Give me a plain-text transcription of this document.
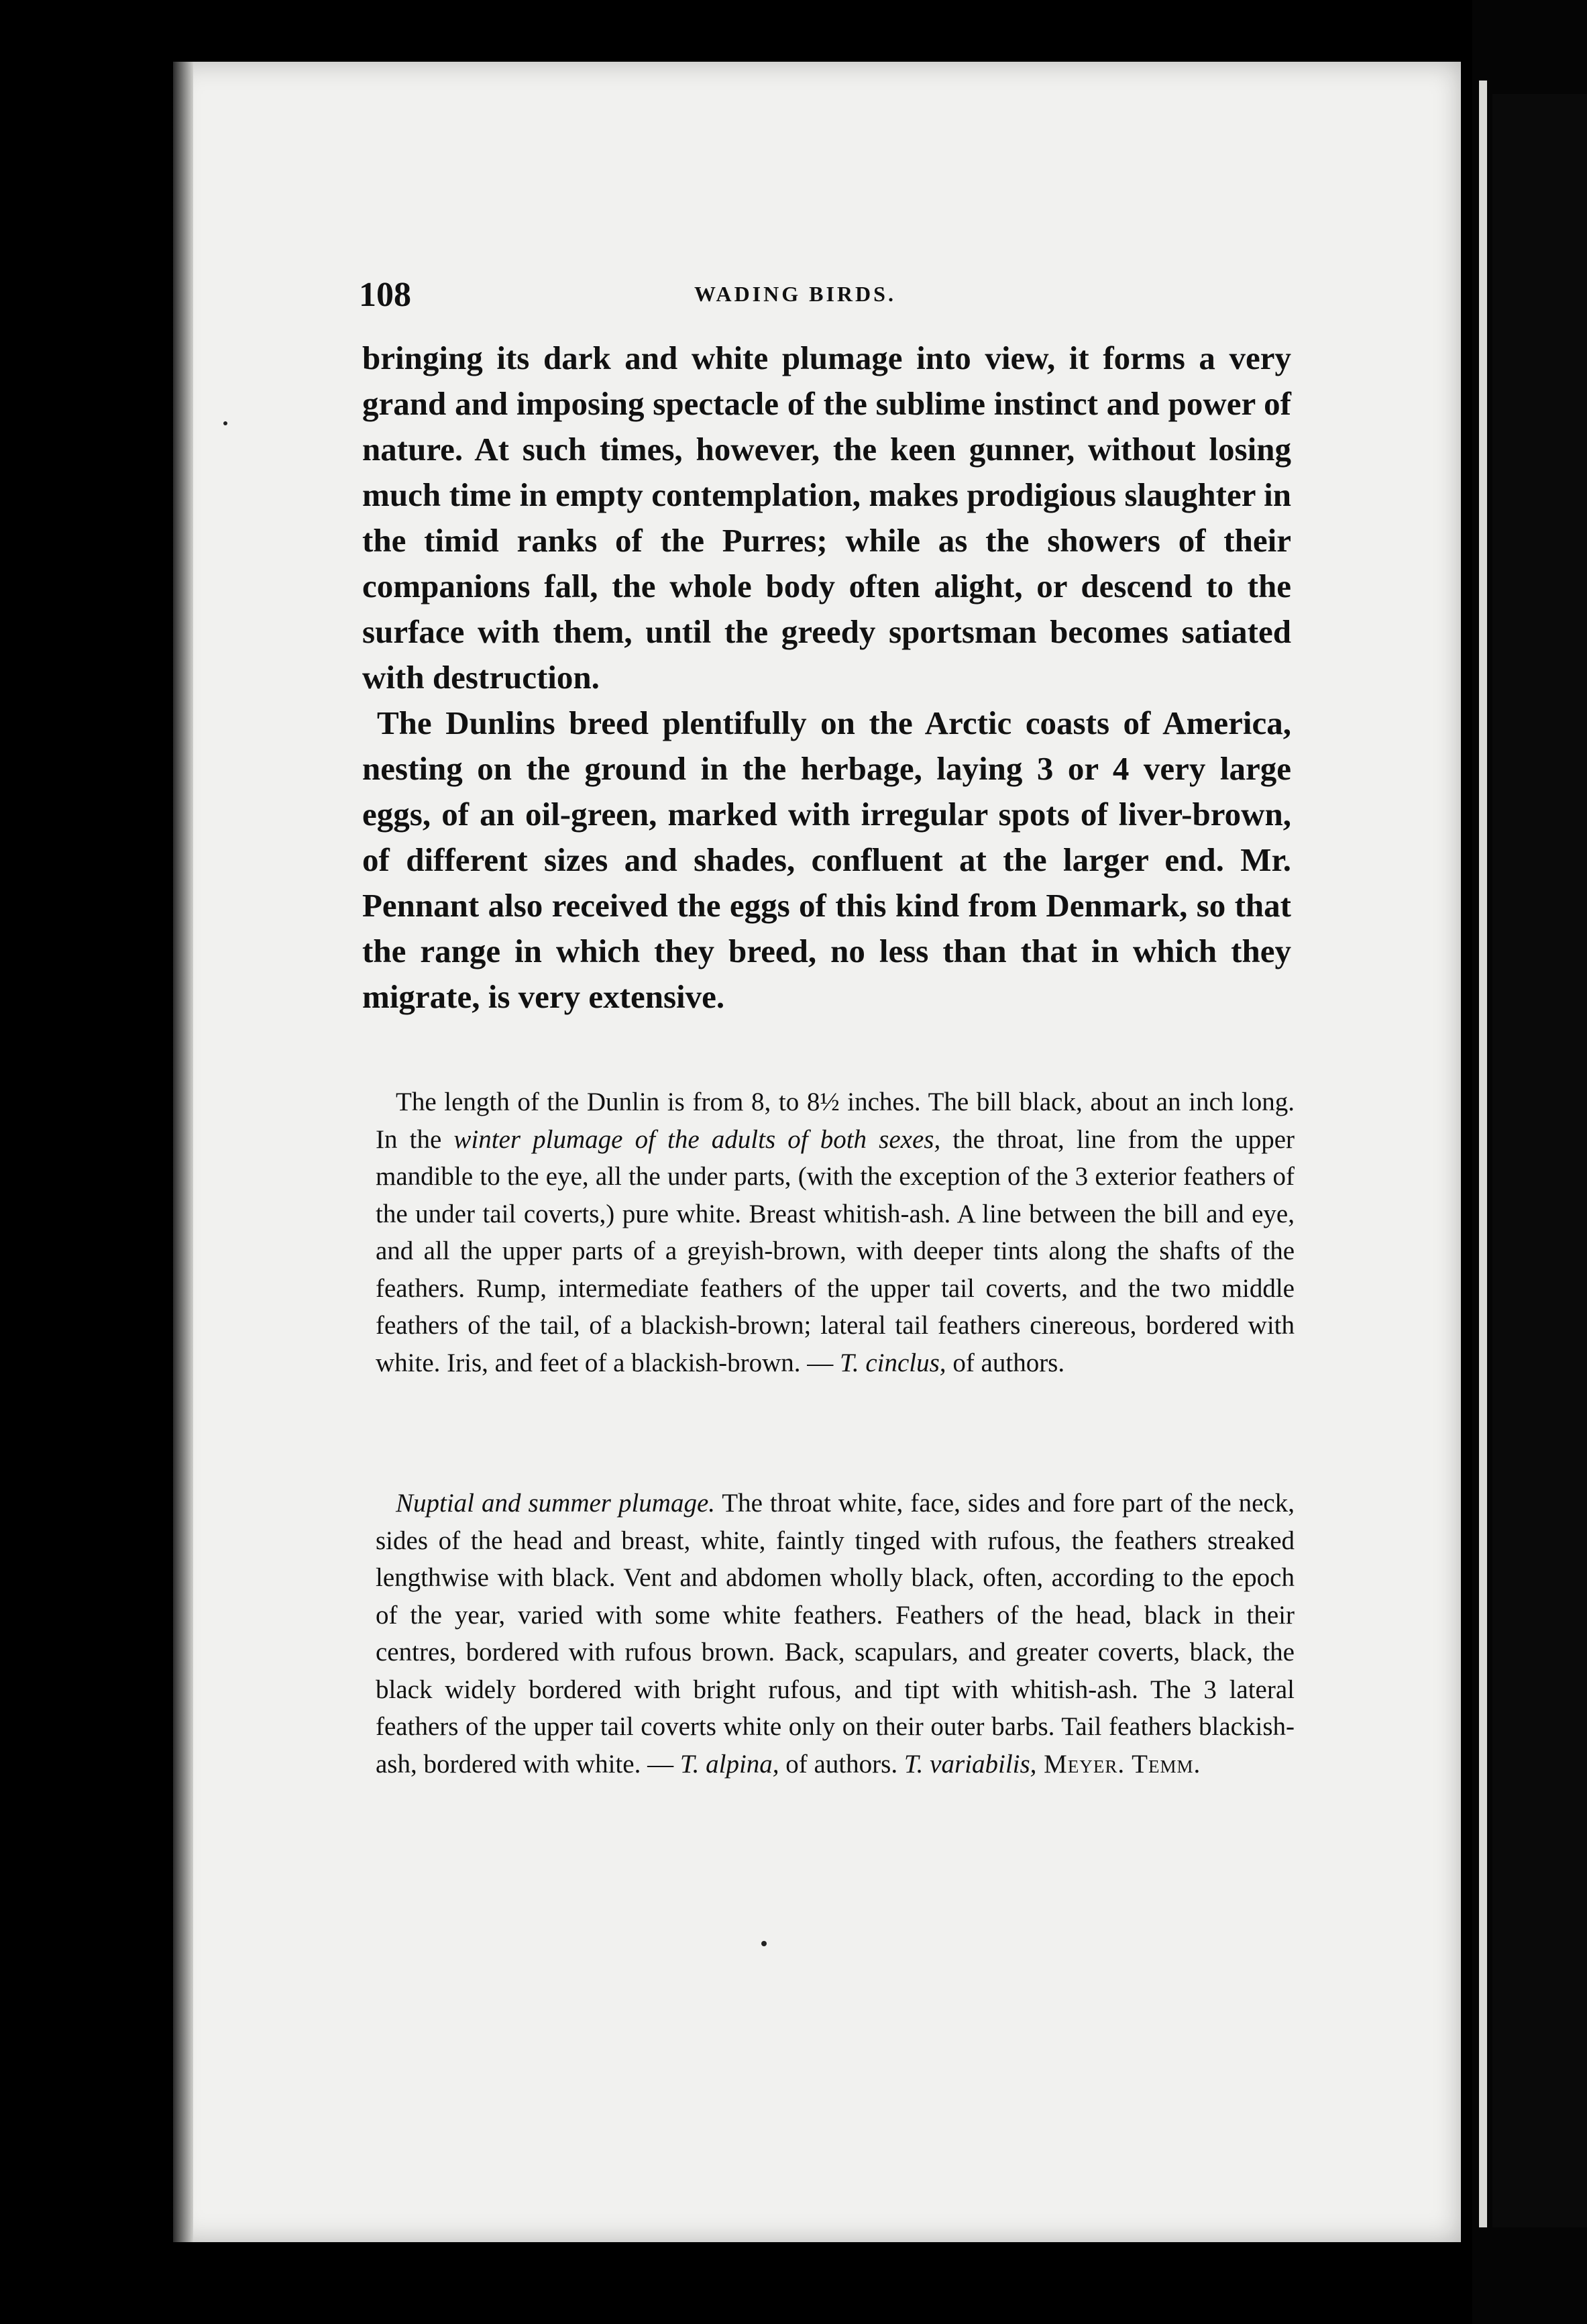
108	WADING BIRDS.

bringing its dark and white plumage into view, it forms a very grand and imposing spectacle of the sublime instinct and power of nature. At such times, however, the keen gunner, without losing much time in empty contemplation, makes prodigious slaughter in the timid ranks of the Purres; while as the showers of their companions fall, the whole body often alight, or descend to the surface with them, until the greedy sportsman becomes satiated with destruction.

The Dunlins breed plentifully on the Arctic coasts of America, nesting on the ground in the herbage, laying 3 or 4 very large eggs, of an oil-green, marked with irregular spots of liver-brown, of different sizes and shades, confluent at the larger end. Mr. Pennant also received the eggs of this kind from Denmark, so that the range in which they breed, no less than that in which they migrate, is very extensive.

The length of the Dunlin is from 8, to 8½ inches. The bill black, about an inch long. In the winter plumage of the adults of both sexes, the throat, line from the upper mandible to the eye, all the under parts, (with the exception of the 3 exterior feathers of the under tail coverts,) pure white. Breast whitish-ash. A line between the bill and eye, and all the upper parts of a greyish-brown, with deeper tints along the shafts of the feathers. Rump, intermediate feathers of the upper tail coverts, and the two middle feathers of the tail, of a blackish-brown; lateral tail feathers cinereous, bordered with white. Iris, and feet of a blackish-brown. — T. cinclus, of authors.

Nuptial and summer plumage. The throat white, face, sides and fore part of the neck, sides of the head and breast, white, faintly tinged with rufous, the feathers streaked lengthwise with black. Vent and abdomen wholly black, often, according to the epoch of the year, varied with some white feathers. Feathers of the head, black in their centres, bordered with rufous brown. Back, scapulars, and greater coverts, black, the black widely bordered with bright rufous, and tipt with whitish-ash. The 3 lateral feathers of the upper tail coverts white only on their outer barbs. Tail feathers blackish-ash, bordered with white. — T. alpina, of authors. T. variabilis, Meyer. Temm.
